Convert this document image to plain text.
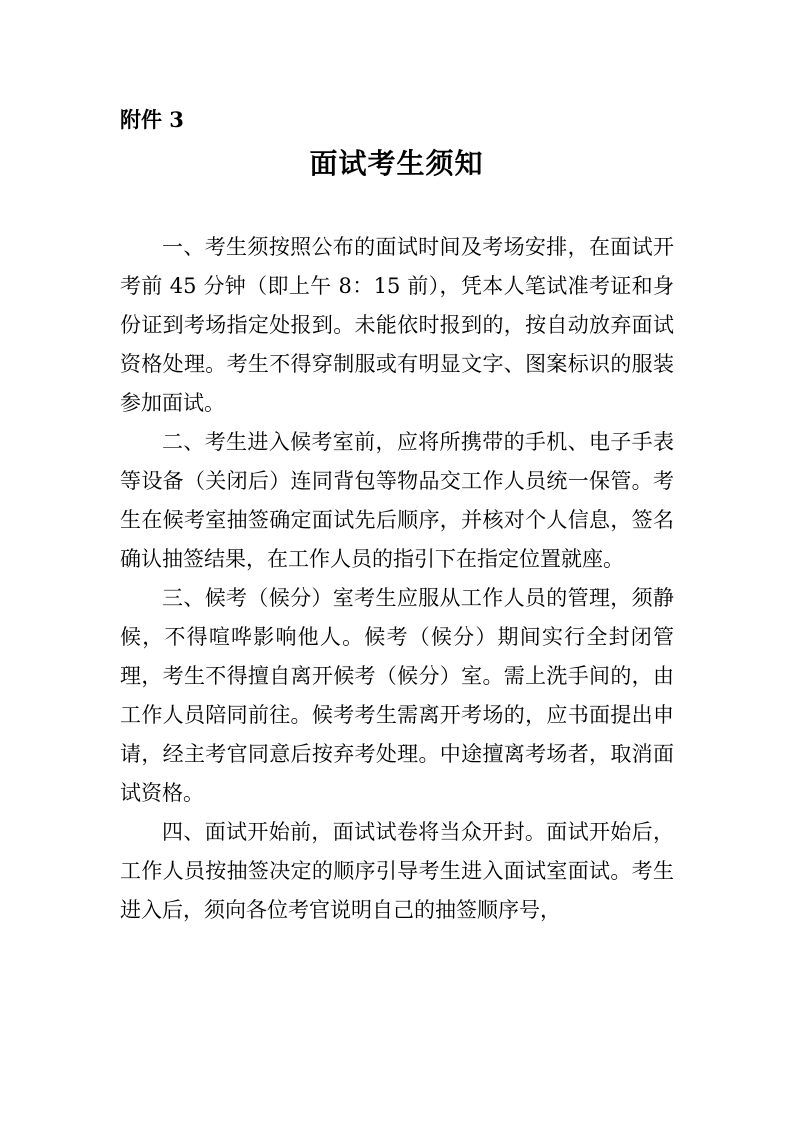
附件 3
面试考生须知

一、考生须按照公布的面试时间及考场安排，在面试开考前 45 分钟（即上午 8：15 前），凭本人笔试准考证和身份证到考场指定处报到。未能依时报到的，按自动放弃面试资格处理。考生不得穿制服或有明显文字、图案标识的服装参加面试。

二、考生进入候考室前，应将所携带的手机、电子手表等设备（关闭后）连同背包等物品交工作人员统一保管。考生在候考室抽签确定面试先后顺序，并核对个人信息，签名确认抽签结果，在工作人员的指引下在指定位置就座。

三、候考（候分）室考生应服从工作人员的管理，须静候，不得喧哗影响他人。候考（候分）期间实行全封闭管理，考生不得擅自离开候考（候分）室。需上洗手间的，由工作人员陪同前往。候考考生需离开考场的，应书面提出申请，经主考官同意后按弃考处理。中途擅离考场者，取消面试资格。

四、面试开始前，面试试卷将当众开封。面试开始后，工作人员按抽签决定的顺序引导考生进入面试室面试。考生进入后，须向各位考官说明自己的抽签顺序号，
